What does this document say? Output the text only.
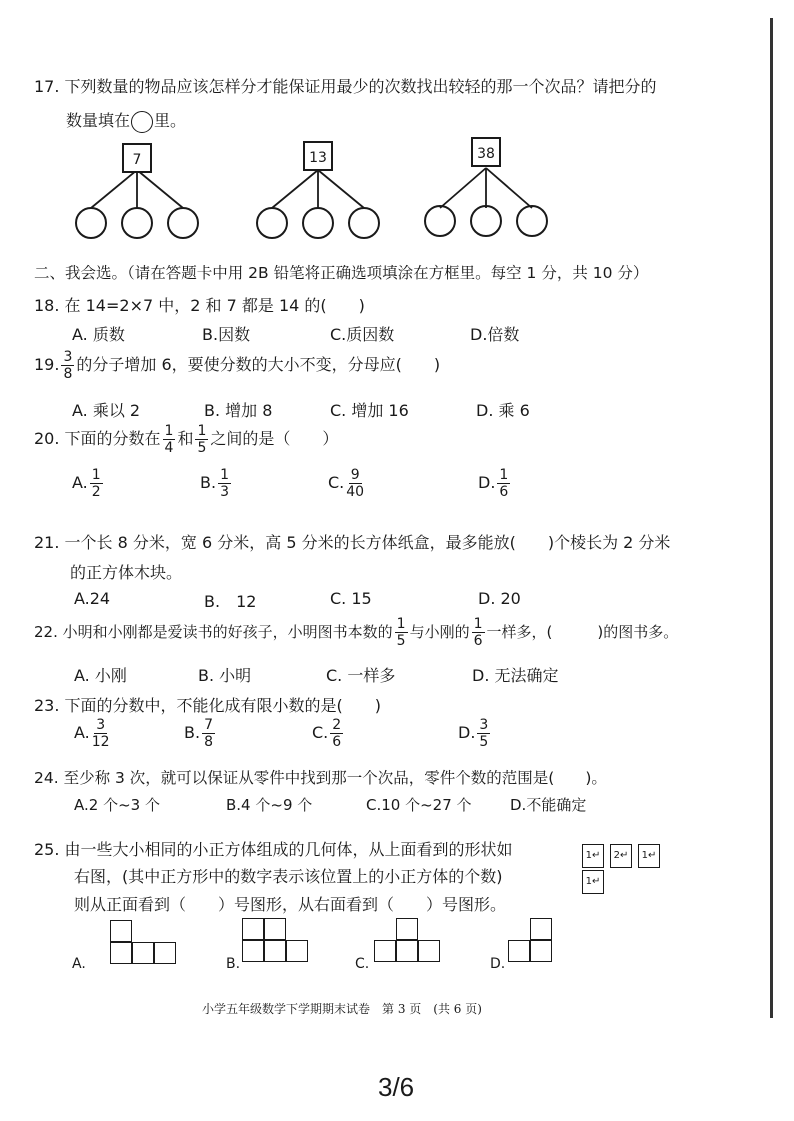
17. 下列数量的物品应该怎样分才能保证用最少的次数找出较轻的那一个次品？请把分的
数量填在 里。
7	13	38
二、我会选。（请在答题卡中用 2B 铅笔将正确选项填涂在方框里。每空 1 分，共 10 分）
18. 在 14=2×7 中，2 和 7 都是 14 的(　　)
A. 质数	B.因数	C.质因数	D.倍数
19. $\frac{3}{8}$ 的分子增加 6，要使分数的大小不变，分母应(　　)
A. 乘以 2	B. 增加 8	C. 增加 16	D. 乘 6
20. 下面的分数在 $\frac{1}{4}$ 和 $\frac{1}{5}$ 之间的是（　　）
A. $\frac{1}{2}$	B. $\frac{1}{3}$	C. $\frac{9}{40}$	D. $\frac{1}{6}$
21. 一个长 8 分米，宽 6 分米，高 5 分米的长方体纸盒，最多能放(　　)个棱长为 2 分米
的正方体木块。
A.24	B.　12	C. 15	D. 20
22. 小明和小刚都是爱读书的好孩子，小明图书本数的 $\frac{1}{5}$ 与小刚的 $\frac{1}{6}$ 一样多，(　　　)的图书多。
A. 小刚	B. 小明	C. 一样多	D. 无法确定
23. 下面的分数中，不能化成有限小数的是(　　)
A. $\frac{3}{12}$	B. $\frac{7}{8}$	C. $\frac{2}{6}$	D. $\frac{3}{5}$
24. 至少称 3 次，就可以保证从零件中找到那一个次品，零件个数的范围是(　　)。
A.2 个~3 个	B.4 个~9 个	C.10 个~27 个	D.不能确定
25. 由一些大小相同的小正方体组成的几何体，从上面看到的形状如
右图，(其中正方形中的数字表示该位置上的小正方体的个数)
则从正面看到（　　）号图形，从右面看到（　　）号图形。
1↵	2↵	1↵
1↵
A.	B.	C.	D.
小学五年级数学下学期期末试卷　第 3 页　(共 6 页)
3/6
